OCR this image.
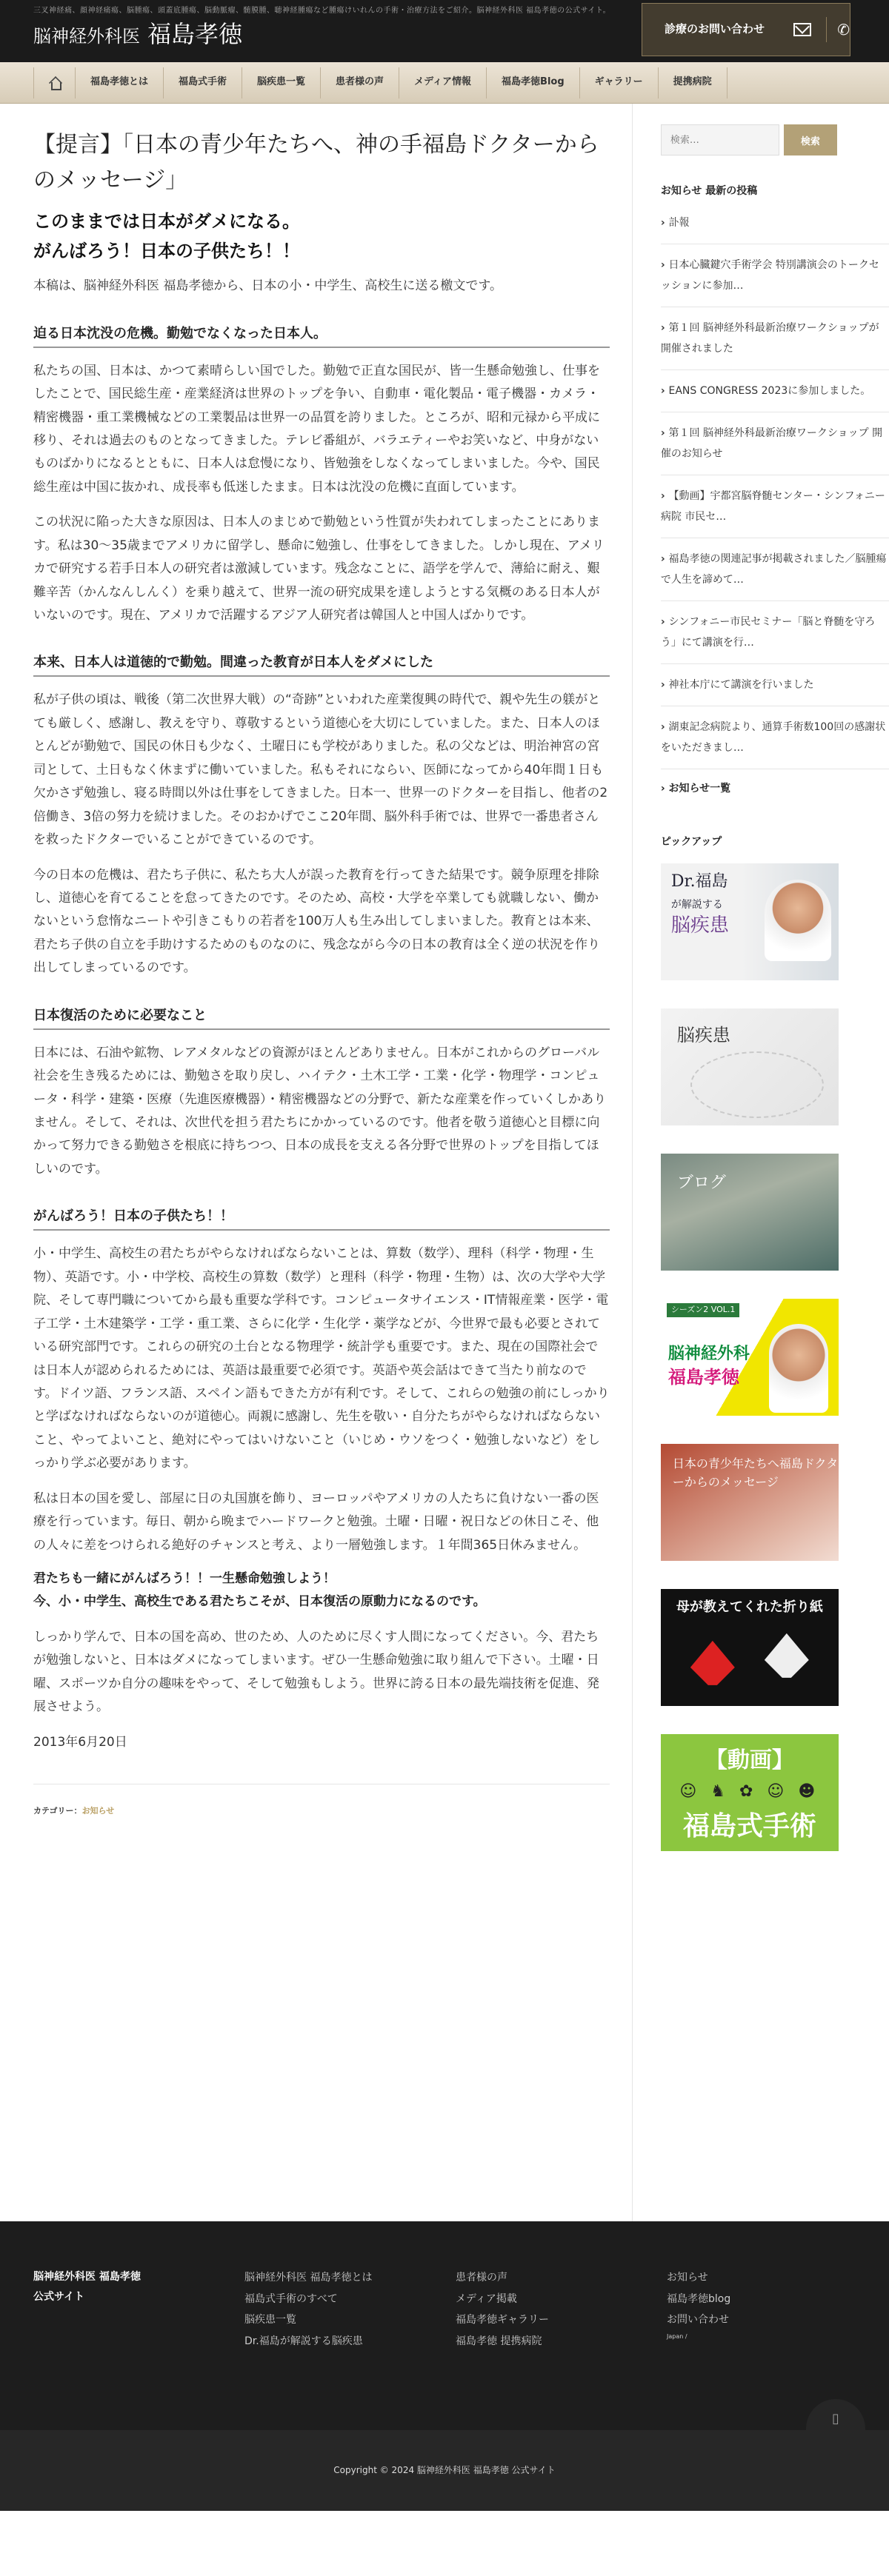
三叉神経痛、顔神経痛瘍、脳腫瘍、頭蓋底腫瘍、脳動脈瘤、髄膜腫、聴神経腫瘍など腫瘍けいれんの手術・治療方法をご紹介。脳神経外科医 福島孝徳の公式サイト。
脳神経外科医 福島孝徳	診療のお問い合わせ	✆
福島孝徳とは	福島式手術	脳疾患一覧	患者様の声	メディア情報	福島孝徳Blog	ギャラリー	提携病院
【提言】「日本の青少年たちへ、神の手福島ドクターからのメッセージ」

このままでは日本がダメになる。
がんばろう！日本の子供たち！！

本稿は、脳神経外科医 福島孝徳から、日本の小・中学生、高校生に送る檄文です。

迫る日本沈没の危機。勤勉でなくなった日本人。

私たちの国、日本は、かつて素晴らしい国でした。勤勉で正直な国民が、皆一生懸命勉強し、仕事をしたことで、国民総生産・産業経済は世界のトップを争い、自動車・電化製品・電子機器・カメラ・精密機器・重工業機械などの工業製品は世界一の品質を誇りました。ところが、昭和元禄から平成に移り、それは過去のものとなってきました。テレビ番組が、バラエティーやお笑いなど、中身がないものばかりになるとともに、日本人は怠慢になり、皆勉強をしなくなってしまいました。今や、国民総生産は中国に抜かれ、成長率も低迷したまま。日本は沈没の危機に直面しています。

この状況に陥った大きな原因は、日本人のまじめで勤勉という性質が失われてしまったことにあります。私は30〜35歳までアメリカに留学し、懸命に勉強し、仕事をしてきました。しかし現在、アメリカで研究する若手日本人の研究者は激減しています。残念なことに、語学を学んで、薄給に耐え、艱難辛苦（かんなんしんく）を乗り越えて、世界一流の研究成果を達しようとする気概のある日本人がいないのです。現在、アメリカで活躍するアジア人研究者は韓国人と中国人ばかりです。

本来、日本人は道徳的で勤勉。間違った教育が日本人をダメにした

私が子供の頃は、戦後（第二次世界大戦）の“奇跡”といわれた産業復興の時代で、親や先生の躾がとても厳しく、感謝し、教えを守り、尊敬するという道徳心を大切にしていました。また、日本人のほとんどが勤勉で、国民の休日も少なく、土曜日にも学校がありました。私の父などは、明治神宮の宮司として、土日もなく休まずに働いていました。私もそれにならい、医師になってから40年間１日も欠かさず勉強し、寝る時間以外は仕事をしてきました。日本一、世界一のドクターを目指し、他者の2倍働き、3倍の努力を続けました。そのおかげでここ20年間、脳外科手術では、世界で一番患者さんを救ったドクターでいることができているのです。

今の日本の危機は、君たち子供に、私たち大人が誤った教育を行ってきた結果です。競争原理を排除し、道徳心を育てることを怠ってきたのです。そのため、高校・大学を卒業しても就職しない、働かないという怠惰なニートや引きこもりの若者を100万人も生み出してしまいました。教育とは本来、君たち子供の自立を手助けするためのものなのに、残念ながら今の日本の教育は全く逆の状況を作り出してしまっているのです。

日本復活のために必要なこと

日本には、石油や鉱物、レアメタルなどの資源がほとんどありません。日本がこれからのグローバル社会を生き残るためには、勤勉さを取り戻し、ハイテク・土木工学・工業・化学・物理学・コンピュータ・科学・建築・医療（先進医療機器）・精密機器などの分野で、新たな産業を作っていくしかありません。そして、それは、次世代を担う君たちにかかっているのです。他者を敬う道徳心と目標に向かって努力できる勤勉さを根底に持ちつつ、日本の成長を支える各分野で世界のトップを目指してほしいのです。

がんばろう！日本の子供たち！！

小・中学生、高校生の君たちがやらなければならないことは、算数（数学）、理科（科学・物理・生物）、英語です。小・中学校、高校生の算数（数学）と理科（科学・物理・生物）は、次の大学や大学院、そして専門職についてから最も重要な学科です。コンピュータサイエンス・IT情報産業・医学・電子工学・土木建築学・工学・重工業、さらに化学・生化学・薬学などが、今世界で最も必要とされている研究部門です。これらの研究の土台となる物理学・統計学も重要です。また、現在の国際社会では日本人が認められるためには、英語は最重要で必須です。英語や英会話はできて当たり前なのです。ドイツ語、フランス語、スペイン語もできた方が有利です。そして、これらの勉強の前にしっかりと学ばなければならないのが道徳心。両親に感謝し、先生を敬い・自分たちがやらなければならないこと、やってよいこと、絶対にやってはいけないこと（いじめ・ウソをつく・勉強しないなど）をしっかり学ぶ必要があります。

私は日本の国を愛し、部屋に日の丸国旗を飾り、ヨーロッパやアメリカの人たちに負けない一番の医療を行っています。毎日、朝から晩までハードワークと勉強。土曜・日曜・祝日などの休日こそ、他の人々に差をつけられる絶好のチャンスと考え、より一層勉強します。１年間365日休みません。

君たちも一緒にがんばろう！！一生懸命勉強しよう！
今、小・中学生、高校生である君たちこそが、日本復活の原動力になるのです。

しっかり学んで、日本の国を高め、世のため、人のために尽くす人間になってください。今、君たちが勉強しないと、日本はダメになってしまいます。ぜひ一生懸命勉強に取り組んで下さい。土曜・日曜、スポーツか自分の趣味をやって、そして勉強もしよう。世界に誇る日本の最先端技術を促進、発展させよう。

2013年6月20日

カテゴリー：お知らせ
検索…
検索
お知らせ 最新の投稿
› 訃報
› 日本心臓鍵穴手術学会 特別講演会のトークセッションに参加…
› 第１回 脳神経外科最新治療ワークショップが開催されました
› EANS CONGRESS 2023に参加しました。
› 第１回 脳神経外科最新治療ワークショップ 開催のお知らせ
› 【動画】宇都宮脳脊髄センター・シンフォニー病院 市民セ…
› 福島孝徳の関連記事が掲載されました／脳腫瘍で人生を諦めて…
› シンフォニー市民セミナー「脳と脊髄を守ろう」にて講演を行…
› 神社本庁にて講演を行いました
› 湖東記念病院より、通算手術数100回の感謝状をいただきまし…
› お知らせ一覧
ピックアップ
Dr.福島
が解説する
脳疾患
脳疾患
ブログ
シーズン2 VOL.1
脳神経外科
福島孝徳
日本の青少年たちへ福島ドクターからのメッセージ
母が教えてくれた折り紙
【動画】
☺ ♞ ✿ ☺ ☻
福島式手術
脳神経外科医 福島孝徳
公式サイト
脳神経外科医 福島孝徳とは
福島式手術のすべて
脳疾患一覧
Dr.福島が解説する脳疾患
患者様の声
メディア掲載
福島孝徳ギャラリー
福島孝徳 提携病院
お知らせ
福島孝徳blog
お問い合わせ
Japan /
▯
Copyright © 2024 脳神経外科医 福島孝徳 公式サイト
